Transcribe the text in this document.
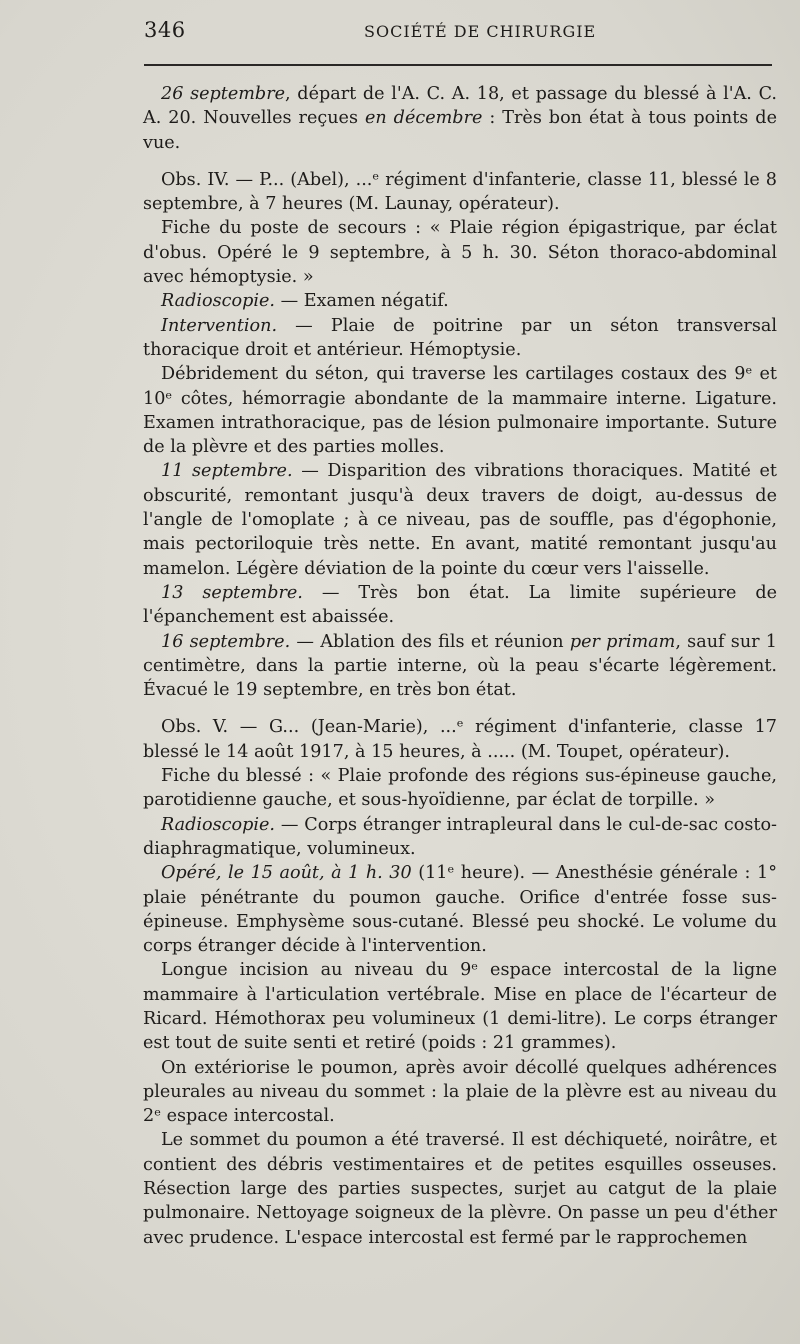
346	SOCIÉTÉ DE CHIRURGIE

26 septembre, départ de l'A. C. A. 18, et passage du blessé à l'A. C. A. 20. Nouvelles reçues en décembre : Très bon état à tous points de vue.

Obs. IV. — P... (Abel), ...ᵉ régiment d'infanterie, classe 11, blessé le 8 septembre, à 7 heures (M. Launay, opérateur).

Fiche du poste de secours : « Plaie région épigastrique, par éclat d'obus. Opéré le 9 septembre, à 5 h. 30. Séton thoraco-abdominal avec hémoptysie. »

Radioscopie. — Examen négatif.

Intervention. — Plaie de poitrine par un séton transversal thoracique droit et antérieur. Hémoptysie.

Débridement du séton, qui traverse les cartilages costaux des 9ᵉ et 10ᵉ côtes, hémorragie abondante de la mammaire interne. Ligature. Examen intrathoracique, pas de lésion pulmonaire importante. Suture de la plèvre et des parties molles.

11 septembre. — Disparition des vibrations thoraciques. Matité et obscurité, remontant jusqu'à deux travers de doigt, au-dessus de l'angle de l'omoplate ; à ce niveau, pas de souffle, pas d'égophonie, mais pectoriloquie très nette. En avant, matité remontant jusqu'au mamelon. Légère déviation de la pointe du cœur vers l'aisselle.

13 septembre. — Très bon état. La limite supérieure de l'épanchement est abaissée.

16 septembre. — Ablation des fils et réunion per primam, sauf sur 1 centimètre, dans la partie interne, où la peau s'écarte légèrement. Évacué le 19 septembre, en très bon état.

Obs. V. — G... (Jean-Marie), ...ᵉ régiment d'infanterie, classe 17 blessé le 14 août 1917, à 15 heures, à ..... (M. Toupet, opérateur).

Fiche du blessé : « Plaie profonde des régions sus-épineuse gauche, parotidienne gauche, et sous-hyoïdienne, par éclat de torpille. »

Radioscopie. — Corps étranger intrapleural dans le cul-de-sac costo-diaphragmatique, volumineux.

Opéré, le 15 août, à 1 h. 30 (11ᵉ heure). — Anesthésie générale : 1° plaie pénétrante du poumon gauche. Orifice d'entrée fosse sus-épineuse. Emphysème sous-cutané. Blessé peu shocké. Le volume du corps étranger décide à l'intervention.

Longue incision au niveau du 9ᵉ espace intercostal de la ligne mammaire à l'articulation vertébrale. Mise en place de l'écarteur de Ricard. Hémothorax peu volumineux (1 demi-litre). Le corps étranger est tout de suite senti et retiré (poids : 21 grammes).

On extériorise le poumon, après avoir décollé quelques adhérences pleurales au niveau du sommet : la plaie de la plèvre est au niveau du 2ᵉ espace intercostal.

Le sommet du poumon a été traversé. Il est déchiqueté, noirâtre, et contient des débris vestimentaires et de petites esquilles osseuses. Résection large des parties suspectes, surjet au catgut de la plaie pulmonaire. Nettoyage soigneux de la plèvre. On passe un peu d'éther avec prudence. L'espace intercostal est fermé par le rapprochemen
